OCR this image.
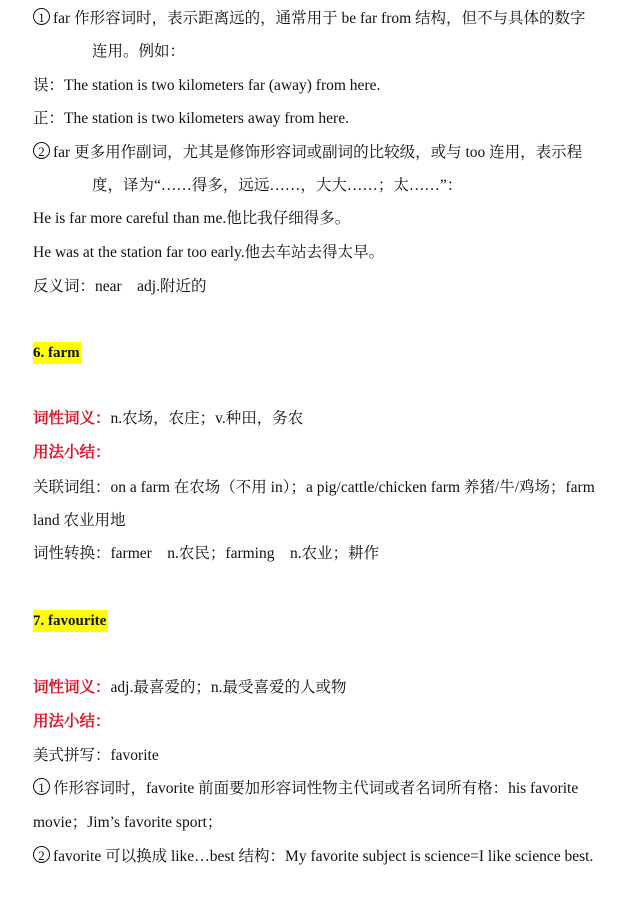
1 far 作形容词时，表示距离远的，通常用于 be far from 结构，但不与具体的数字
连用。例如：
误：The station is two kilometers far (away) from here.
正：The station is two kilometers away from here.
2 far 更多用作副词，尤其是修饰形容词或副词的比较级，或与 too 连用，表示程
度，译为“……得多，远远……，大大……；太……”：
He is far more careful than me.他比我仔细得多。
He was at the station far too early.他去车站去得太早。
反义词：near　adj.附近的
6. farm
词性词义：n.农场，农庄；v.种田，务农
用法小结：
关联词组：on a farm 在农场（不用 in）；a pig/cattle/chicken farm 养猪/牛/鸡场；farm
land 农业用地
词性转换：farmer　n.农民；farming　n.农业；耕作
7. favourite
词性词义：adj.最喜爱的；n.最受喜爱的人或物
用法小结：
美式拼写：favorite
1 作形容词时，favorite 前面要加形容词性物主代词或者名词所有格：his favorite
movie；Jim’s favorite sport；
2 favorite 可以换成 like…best 结构：My favorite subject is science=I like science best.
